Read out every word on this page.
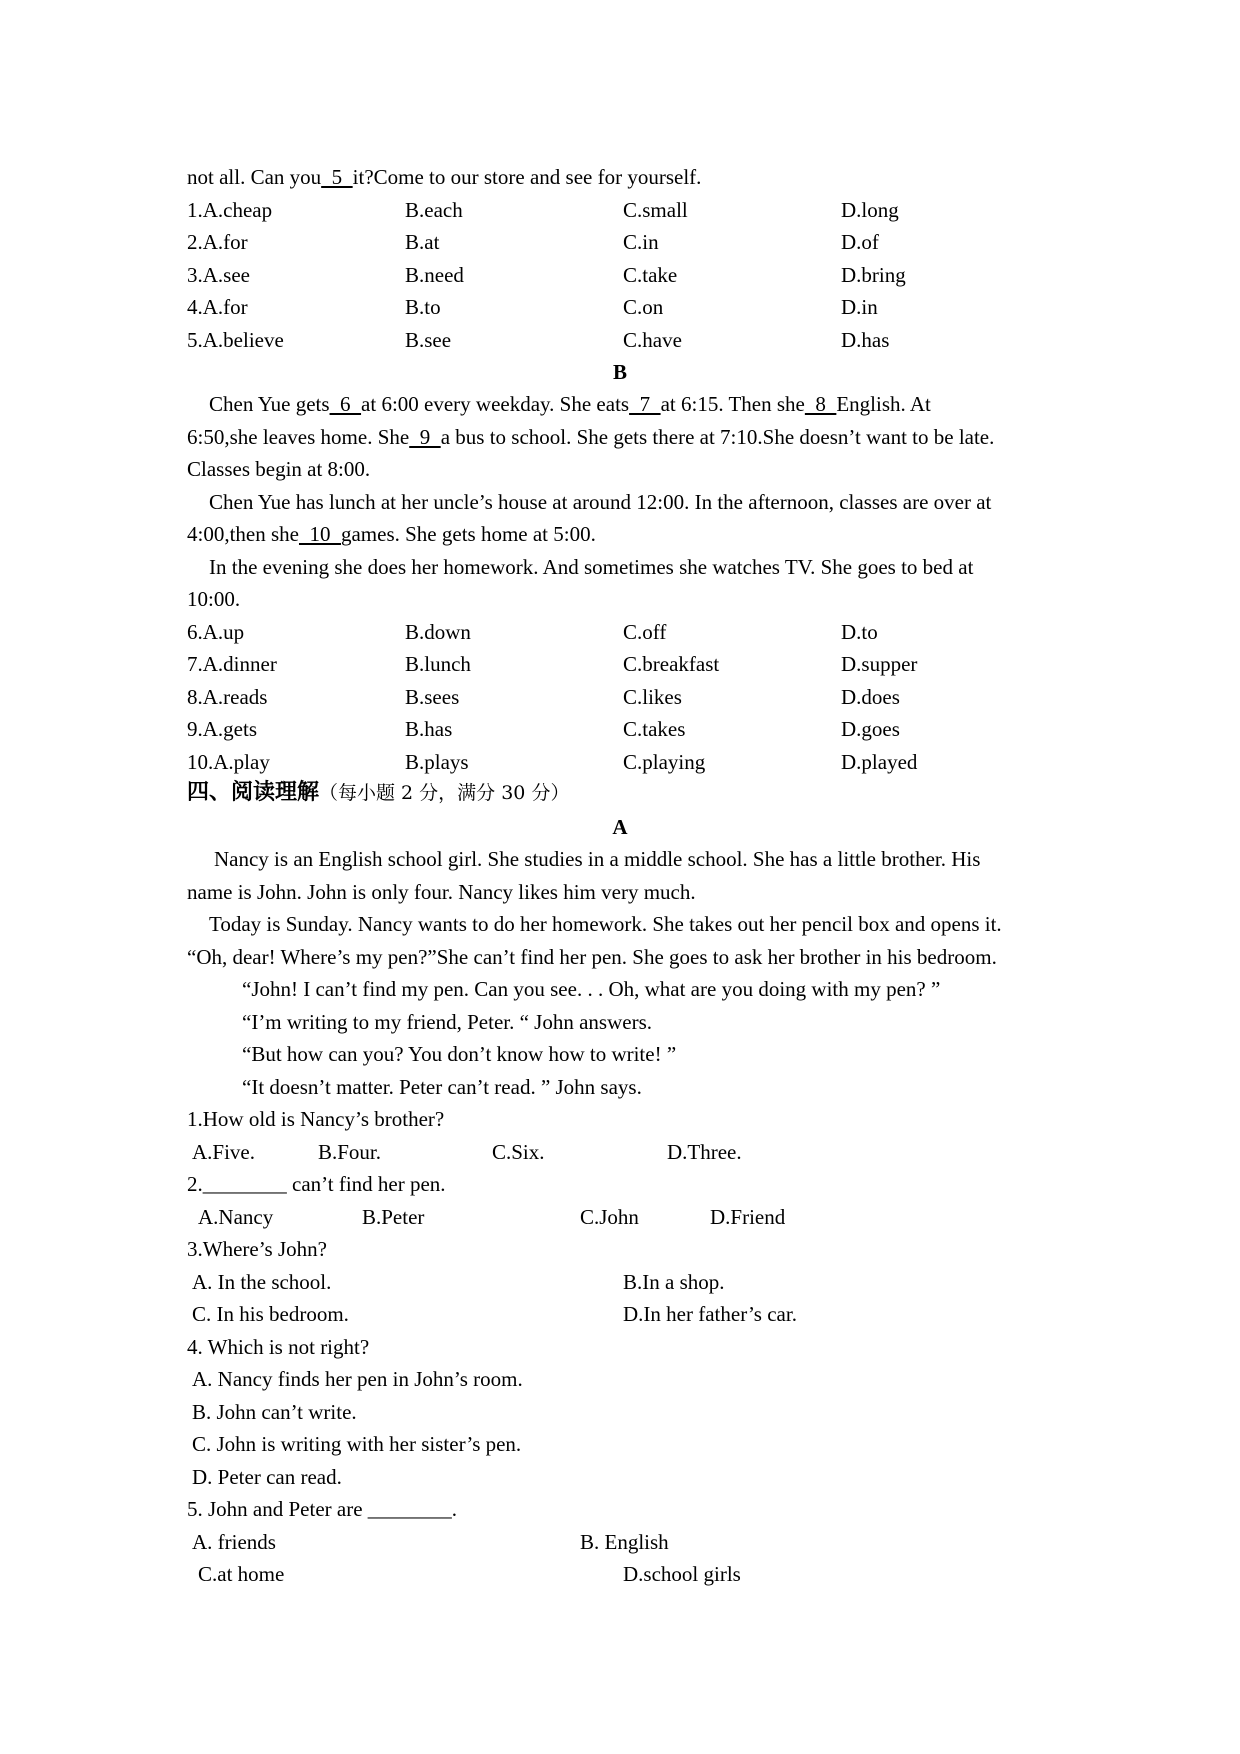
not all. Can you  5  it?Come to our store and see for yourself.
1.A.cheap	B.each	C.small	D.long
2.A.for	B.at	C.in	D.of
3.A.see	B.need	C.take	D.bring
4.A.for	B.to	C.on	D.in
5.A.believe	B.see	C.have	D.has
B
Chen Yue gets  6  at 6:00 every weekday. She eats  7  at 6:15. Then she  8  English. At
6:50,she leaves home. She  9  a bus to school. She gets there at 7:10.She doesn’t want to be late.
Classes begin at 8:00.
Chen Yue has lunch at her uncle’s house at around 12:00. In the afternoon, classes are over at
4:00,then she  10  games. She gets home at 5:00.
In the evening she does her homework. And sometimes she watches TV. She goes to bed at
10:00.
6.A.up	B.down	C.off	D.to
7.A.dinner	B.lunch	C.breakfast	D.supper
8.A.reads	B.sees	C.likes	D.does
9.A.gets	B.has	C.takes	D.goes
10.A.play	B.plays	C.playing	D.played
四、阅读理解（每小题 2 分，满分 30 分）
A
Nancy is an English school girl. She studies in a middle school. She has a little brother. His
name is John. John is only four. Nancy likes him very much.
Today is Sunday. Nancy wants to do her homework. She takes out her pencil box and opens it.
“Oh, dear! Where’s my pen?”She can’t find her pen. She goes to ask her brother in his bedroom.
“John! I can’t find my pen. Can you see. . . Oh, what are you doing with my pen? ”
“I’m writing to my friend, Peter. “ John answers.
“But how can you? You don’t know how to write! ”
“It doesn’t matter. Peter can’t read. ” John says.
1.How old is Nancy’s brother?
A.Five.	B.Four.	C.Six.	D.Three.
2.________ can’t find her pen.
A.Nancy	B.Peter	C.John	D.Friend
3.Where’s John?
A. In the school.	B.In a shop.
C. In his bedroom.	D.In her father’s car.
4. Which is not right?
A. Nancy finds her pen in John’s room.
B. John can’t write.
C. John is writing with her sister’s pen.
D. Peter can read.
5. John and Peter are ________.
A. friends	B. English
C.at home	D.school girls
